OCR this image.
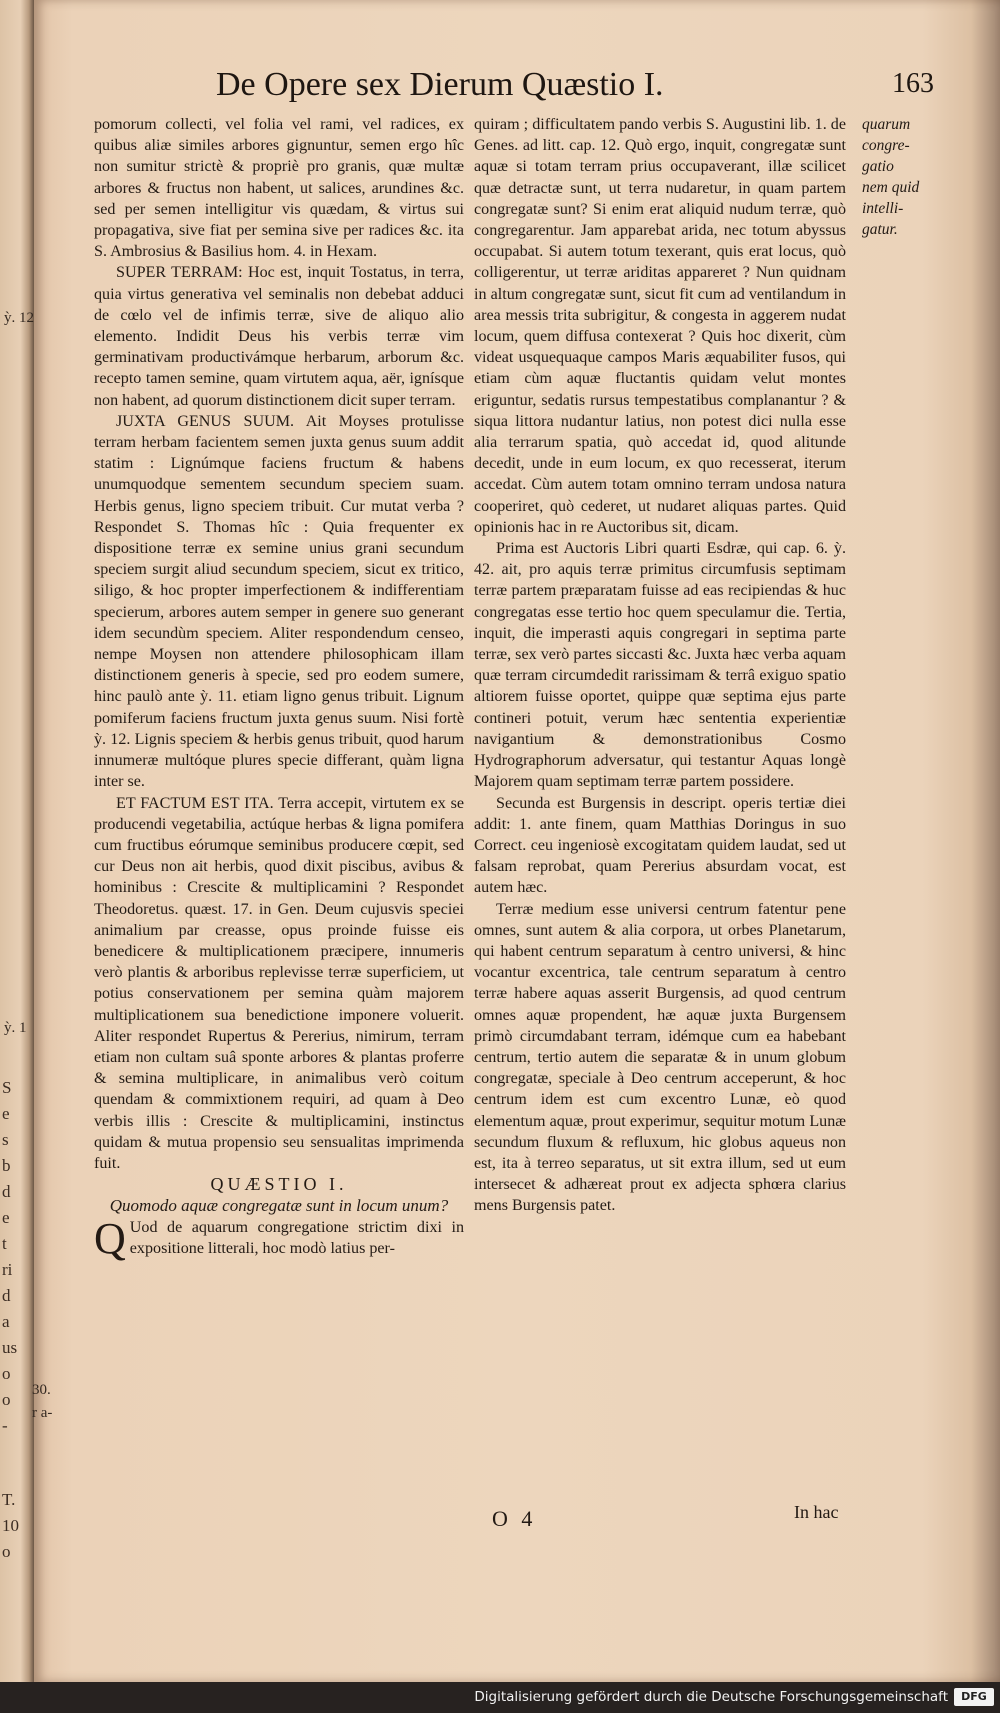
S
e
s
b
d
e
t
ri
d
a
us
o
o
-
T.
10
o
De Opere sex Dierum Quæstio I.	163
ỳ. 12
ỳ. 1
30.
r a-

pomorum collecti, vel folia vel rami, vel radices, ex quibus aliæ similes arbores gignuntur, semen ergo hîc non sumitur strictè & propriè pro granis, quæ multæ arbores & fructus non habent, ut salices, arundines &c. sed per semen intelligitur vis quædam, & virtus sui propagativa, sive fiat per semina sive per radices &c. ita S. Ambrosius & Basilius hom. 4. in Hexam.

SUPER TERRAM: Hoc est, inquit Tostatus, in terra, quia virtus generativa vel seminalis non debebat adduci de cœlo vel de infimis terræ, sive de aliquo alio elemento. Indidit Deus his verbis terræ vim germinativam productivámque herbarum, arborum &c. recepto tamen semine, quam virtutem aqua, aër, ignísque non habent, ad quorum distinctionem dicit super terram.

JUXTA GENUS SUUM. Ait Moyses protulisse terram herbam facientem semen juxta genus suum addit statim : Lignúmque faciens fructum & habens unumquodque sementem secundum speciem suam. Herbis genus, ligno speciem tribuit. Cur mutat verba ? Respondet S. Thomas hîc : Quia frequenter ex dispositione terræ ex semine unius grani secundum speciem surgit aliud secundum speciem, sicut ex tritico, siligo, & hoc propter imperfectionem & indifferentiam specierum, arbores autem semper in genere suo generant idem secundùm speciem. Aliter respondendum censeo, nempe Moysen non attendere philosophicam illam distinctionem generis à specie, sed pro eodem sumere, hinc paulò ante ỳ. 11. etiam ligno genus tribuit. Lignum pomiferum faciens fructum juxta genus suum. Nisi fortè ỳ. 12. Lignis speciem & herbis genus tribuit, quod harum innumeræ multóque plures specie differant, quàm ligna inter se.

ET FACTUM EST ITA. Terra accepit, virtutem ex se producendi vegetabilia, actúque herbas & ligna pomifera cum fructibus eórumque seminibus producere cœpit, sed cur Deus non ait herbis, quod dixit piscibus, avibus & hominibus : Crescite & multiplicamini ? Respondet Theodoretus. quæst. 17. in Gen. Deum cujusvis speciei animalium par creasse, opus proinde fuisse eis benedicere & multiplicationem præcipere, innumeris verò plantis & arboribus replevisse terræ superficiem, ut potius conservationem per semina quàm majorem multiplicationem sua benedictione imponere voluerit. Aliter respondet Rupertus & Pererius, nimirum, terram etiam non cultam suâ sponte arbores & plantas proferre & semina multiplicare, in animalibus verò coitum quendam & commixtionem requiri, ad quam à Deo verbis illis : Crescite & multiplicamini, instinctus quidam & mutua propensio seu sensualitas imprimenda fuit.

QUÆSTIO I.

Quomodo aquæ congregatæ sunt in locum unum?

Q Uod de aquarum congregatione strictim dixi in expositione litterali, hoc modò latius per-

quiram ; difficultatem pando verbis S. Augustini lib. 1. de Genes. ad litt. cap. 12. Quò ergo, inquit, congregatæ sunt aquæ si totam terram prius occupaverant, illæ scilicet quæ detractæ sunt, ut terra nudaretur, in quam partem congregatæ sunt? Si enim erat aliquid nudum terræ, quò congregarentur. Jam apparebat arida, nec totum abyssus occupabat. Si autem totum texerant, quis erat locus, quò colligerentur, ut terræ ariditas appareret ? Nun quidnam in altum congregatæ sunt, sicut fit cum ad ventilandum in area messis trita subrigitur, & congesta in aggerem nudat locum, quem diffusa contexerat ? Quis hoc dixerit, cùm videat usquequaque campos Maris æquabiliter fusos, qui etiam cùm aquæ fluctantis quidam velut montes eriguntur, sedatis rursus tempestatibus complanantur ? & siqua littora nudantur latius, non potest dici nulla esse alia terrarum spatia, quò accedat id, quod alitunde decedit, unde in eum locum, ex quo recesserat, iterum accedat. Cùm autem totam omnino terram undosa natura cooperiret, quò cederet, ut nudaret aliquas partes. Quid opinionis hac in re Auctoribus sit, dicam.

Prima est Auctoris Libri quarti Esdræ, qui cap. 6. ỳ. 42. ait, pro aquis terræ primitus circumfusis septimam terræ partem præparatam fuisse ad eas recipiendas & huc congregatas esse tertio hoc quem speculamur die. Tertia, inquit, die imperasti aquis congregari in septima parte terræ, sex verò partes siccasti &c. Juxta hæc verba aquam quæ terram circumdedit rarissimam & terrâ exiguo spatio altiorem fuisse oportet, quippe quæ septima ejus parte contineri potuit, verum hæc sententia experientiæ navigantium & demonstrationibus Cosmo Hydrographorum adversatur, qui testantur Aquas longè Majorem quam septimam terræ partem possidere.

Secunda est Burgensis in descript. operis tertiæ diei addit: 1. ante finem, quam Matthias Doringus in suo Correct. ceu ingeniosè excogitatam quidem laudat, sed ut falsam reprobat, quam Pererius absurdam vocat, est autem hæc.

Terræ medium esse universi centrum fatentur pene omnes, sunt autem & alia corpora, ut orbes Planetarum, qui habent centrum separatum à centro universi, & hinc vocantur excentrica, tale centrum separatum à centro terræ habere aquas asserit Burgensis, ad quod centrum omnes aquæ propendent, hæ aquæ juxta Burgensem primò circumdabant terram, idémque cum ea habebant centrum, tertio autem die separatæ & in unum globum congregatæ, speciale à Deo centrum acceperunt, & hoc centrum idem est cum excentro Lunæ, eò quod elementum aquæ, prout experimur, sequitur motum Lunæ secundum fluxum & refluxum, hic globus aqueus non est, ita à terreo separatus, ut sit extra illum, sed ut eum intersecet & adhæreat prout ex adjecta sphœra clarius mens Burgensis patet.

quarum
congre-
gatio
nem quid
intelli-
gatur.
O 4	In hac
Digitalisierung gefördert durch die Deutsche Forschungsgemeinschaft	DFG
